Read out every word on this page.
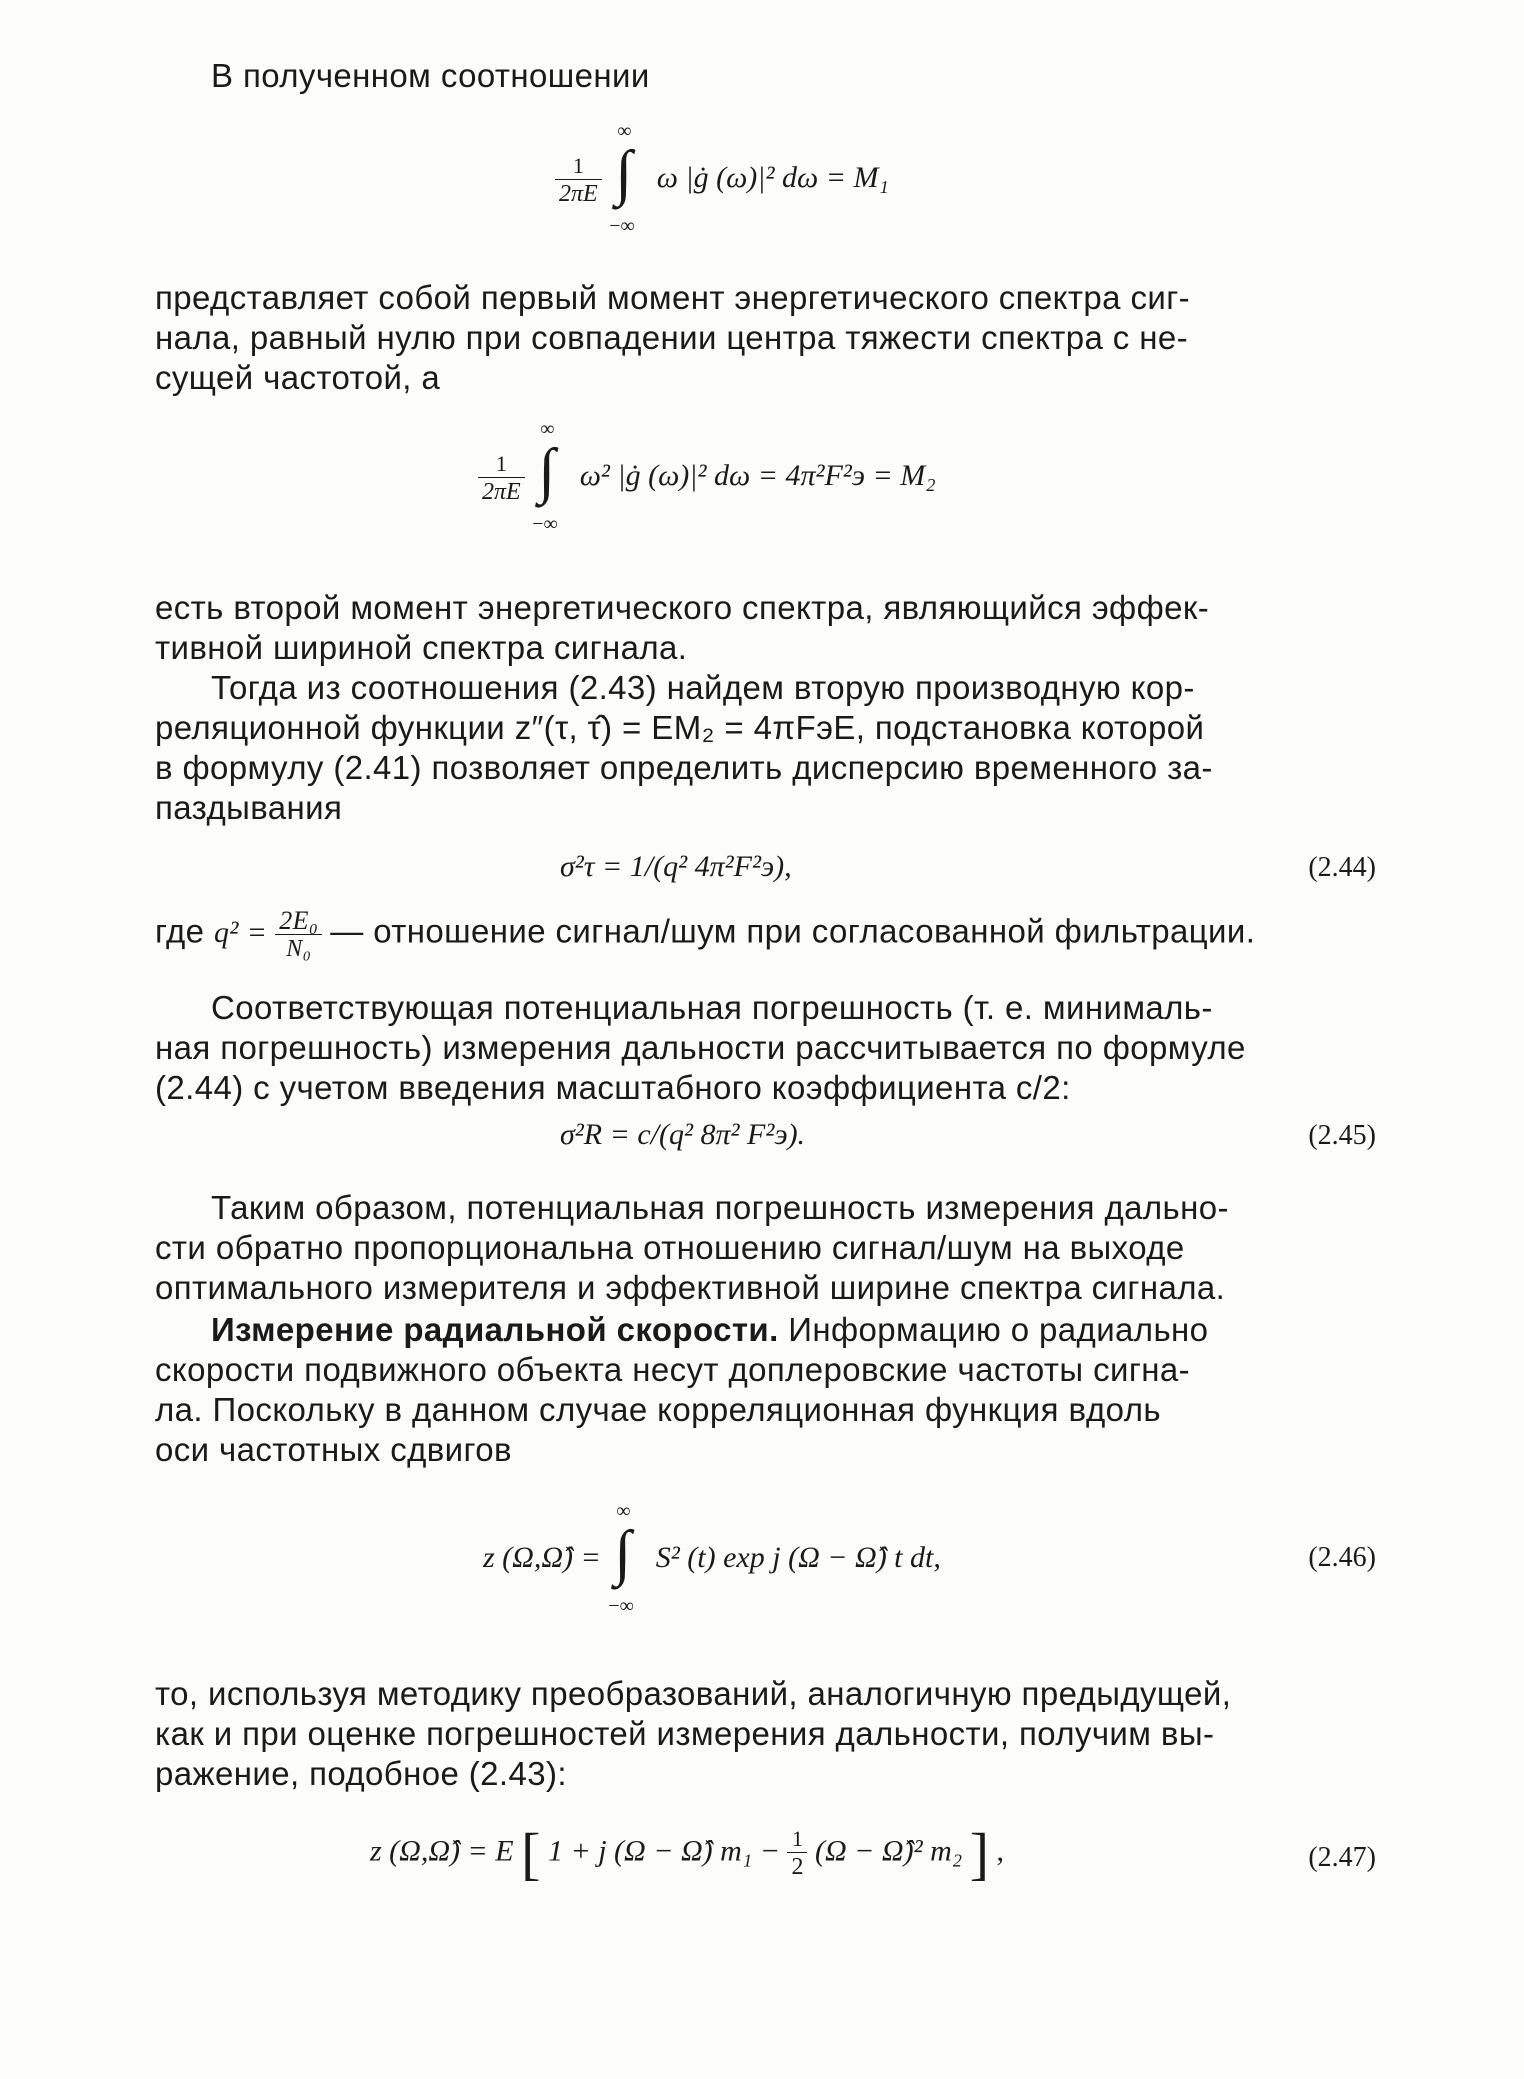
В полученном соотношении
$\frac{1}{2\pi E}$

∞
∫
−∞
ω |ġ (ω)|² dω = M₁
представляет собой первый момент энергетического спектра сиг-
нала, равный нулю при совпадении центра тяжести спектра с не-
сущей частотой, а
$\frac{1}{2\pi E}$

∞
∫
−∞
ω² |ġ (ω)|² dω = 4π²F²э = M₂
есть второй момент энергетического спектра, являющийся эффек-
тивной шириной спектра сигнала.
Тогда из соотношения (2.43) найдем вторую производную кор-
реляционной функции z″(τ, τ̂) = EM₂ = 4πFэE, подстановка которой
в формулу (2.41) позволяет определить дисперсию временного за-
паздывания
σ²τ = 1/(q² 4π²F²э),	(2.44)
где $q^2 = \frac{\text{2E₀}}{\text{N₀}}$ — отношение сигнал/шум при согласованной фильтрации.
Соответствующая потенциальная погрешность (т. е. минималь-
ная погрешность) измерения дальности рассчитывается по формуле
(2.44) с учетом введения масштабного коэффициента c/2:
σ²R = c/(q² 8π² F²э).	(2.45)
Таким образом, потенциальная погрешность измерения дально-
сти обратно пропорциональна отношению сигнал/шум на выходе
оптимального измерителя и эффективной ширине спектра сигнала.
Измерение радиальной скорости. Информацию о радиально
скорости подвижного объекта несут доплеровские частоты сигна-
ла. Поскольку в данном случае корреляционная функция вдоль
оси частотных сдвигов
z (Ω,Ω̂) =
∞
∫
−∞
S² (t) exp j (Ω − Ω̂) t dt,	(2.46)
то, используя методику преобразований, аналогичную предыдущей,
как и при оценке погрешностей измерения дальности, получим вы-
ражение, подобное (2.43):
z (Ω,Ω̂) = E [ 1 + j (Ω − Ω̂) $m_1 - \frac{1}{2} (\Omega$ − Ω̂)² m₂ ] ,	(2.47)
